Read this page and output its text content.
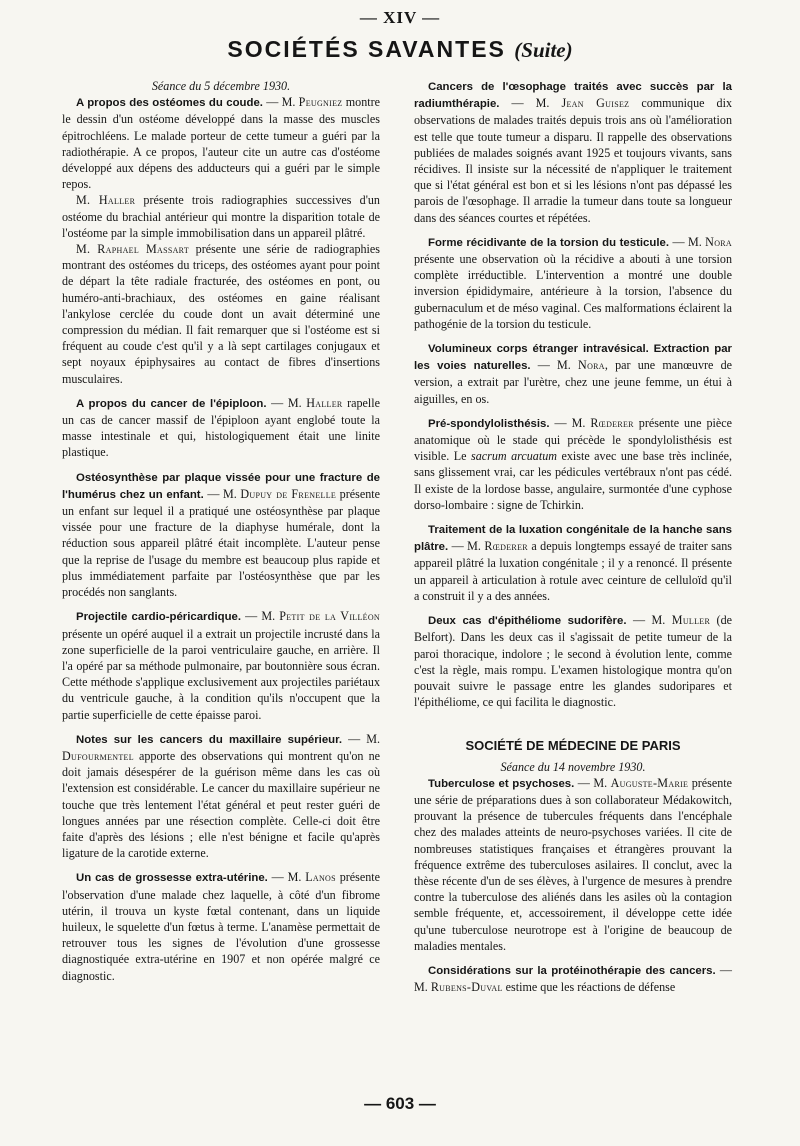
— XIV —
SOCIÉTÉS SAVANTES (Suite)

Séance du 5 décembre 1930.

A propos des ostéomes du coude. — M. Peugniez montre le dessin d'un ostéome développé dans la masse des muscles épitrochléens. Le malade porteur de cette tumeur a guéri par la radiothérapie. A ce propos, l'auteur cite un autre cas d'ostéome développé aux dépens des adducteurs qui a guéri par le simple repos.

M. Haller présente trois radiographies successives d'un ostéome du brachial antérieur qui montre la disparition totale de l'ostéome par la simple immobilisation dans un appareil plâtré.

M. Raphael Massart présente une série de radiographies montrant des ostéomes du triceps, des ostéomes ayant pour point de départ la tête radiale fracturée, des ostéomes en pont, ou huméro-anti-brachiaux, des ostéomes en gaine réalisant l'ankylose cerclée du coude dont un avait déterminé une compression du médian. Il fait remarquer que si l'ostéome est si fréquent au coude c'est qu'il y a là sept cartilages conjugaux et sept noyaux épiphysaires au contact de fibres d'insertions musculaires.

A propos du cancer de l'épiploon. — M. Haller rapelle un cas de cancer massif de l'épiploon ayant englobé toute la masse intestinale et qui, histologiquement était une linite plastique.

Ostéosynthèse par plaque vissée pour une fracture de l'humérus chez un enfant. — M. Dupuy de Frenelle présente un enfant sur lequel il a pratiqué une ostéosynthèse par plaque vissée pour une fracture de la diaphyse humérale, dont la réduction sous appareil plâtré était incomplète. L'auteur pense que la reprise de l'usage du membre est beaucoup plus rapide et plus immédiatement parfaite par l'ostéosynthèse que par les procédés non sanglants.

Projectile cardio-péricardique. — M. Petit de la Villéon présente un opéré auquel il a extrait un projectile incrusté dans la zone superficielle de la paroi ventriculaire gauche, en arrière. Il l'a opéré par sa méthode pulmonaire, par boutonnière sous écran. Cette méthode s'applique exclusivement aux projectiles pariétaux du ventricule gauche, à la condition qu'ils n'occupent que la partie superficielle de cette épaisse paroi.

Notes sur les cancers du maxillaire supérieur. — M. Dufourmentel apporte des observations qui montrent qu'on ne doit jamais désespérer de la guérison même dans les cas où l'extension est considérable. Le cancer du maxillaire supérieur ne touche que très lentement l'état général et peut rester guéri de longues années par une résection complète. Celle-ci doit être faite d'après des lésions ; elle n'est bénigne et facile qu'après ligature de la carotide externe.

Un cas de grossesse extra-utérine. — M. Lanos présente l'observation d'une malade chez laquelle, à côté d'un fibrome utérin, il trouva un kyste fœtal contenant, dans un liquide huileux, le squelette d'un fœtus à terme. L'anamèse permettait de retrouver tous les signes de l'évolution d'une grossesse diagnostiquée extra-utérine en 1907 et non opérée malgré ce diagnostic.

Cancers de l'œsophage traités avec succès par la radiumthérapie. — M. Jean Guisez communique dix observations de malades traités depuis trois ans où l'amélioration est telle que toute tumeur a disparu. Il rappelle des observations publiées de malades soignés avant 1925 et toujours vivants, sans récidives. Il insiste sur la nécessité de n'appliquer le traitement que si l'état général est bon et si les lésions n'ont pas dépassé les parois de l'œsophage. Il arradie la tumeur dans toute sa longueur dans des séances courtes et répétées.

Forme récidivante de la torsion du testicule. — M. Nora présente une observation où la récidive a abouti à une torsion complète irréductible. L'intervention a montré une double inversion épididymaire, antérieure à la torsion, l'absence du gubernaculum et de méso vaginal. Ces malformations éclairent la pathogénie de la torsion du testicule.

Volumineux corps étranger intravésical. Extraction par les voies naturelles. — M. Nora, par une manœuvre de version, a extrait par l'urètre, chez une jeune femme, un étui à aiguilles, en os.

Pré-spondylolisthésis. — M. Rœderer présente une pièce anatomique où le stade qui précède le spondylolisthésis est visible. Le sacrum arcuatum existe avec une base très inclinée, sans glissement vrai, car les pédicules vertébraux n'ont pas cédé. Il existe de la lordose basse, angulaire, surmontée d'une cyphose dorso-lombaire : signe de Tchirkin.

Traitement de la luxation congénitale de la hanche sans plâtre. — M. Rœderer a depuis longtemps essayé de traiter sans appareil plâtré la luxation congénitale ; il y a renoncé. Il présente un appareil à articulation à rotule avec ceinture de celluloïd qu'il a construit il y a des années.

Deux cas d'épithéliome sudorifère. — M. Muller (de Belfort). Dans les deux cas il s'agissait de petite tumeur de la paroi thoracique, indolore ; le second à évolution lente, comme c'est la règle, mais rompu. L'examen histologique montra qu'on pouvait suivre le passage entre les glandes sudoripares et l'épithéliome, ce qui facilita le diagnostic.

SOCIÉTÉ DE MÉDECINE DE PARIS

Séance du 14 novembre 1930.

Tuberculose et psychoses. — M. Auguste-Marie présente une série de préparations dues à son collaborateur Médakowitch, prouvant la présence de tubercules fréquents dans l'encéphale chez des malades atteints de neuro-psychoses variées. Il cite de nombreuses statistiques françaises et étrangères prouvant la fréquence extrême des tuberculoses asilaires. Il conclut, avec la thèse récente d'un de ses élèves, à l'urgence de mesures à prendre contre la tuberculose des aliénés dans les asiles où la contagion semble fréquente, et, accessoirement, il développe cette idée qu'une tuberculose neurotrope est à l'origine de beaucoup de maladies mentales.

Considérations sur la protéinothérapie des cancers. — M. Rubens-Duval estime que les réactions de défense

— 603 —
